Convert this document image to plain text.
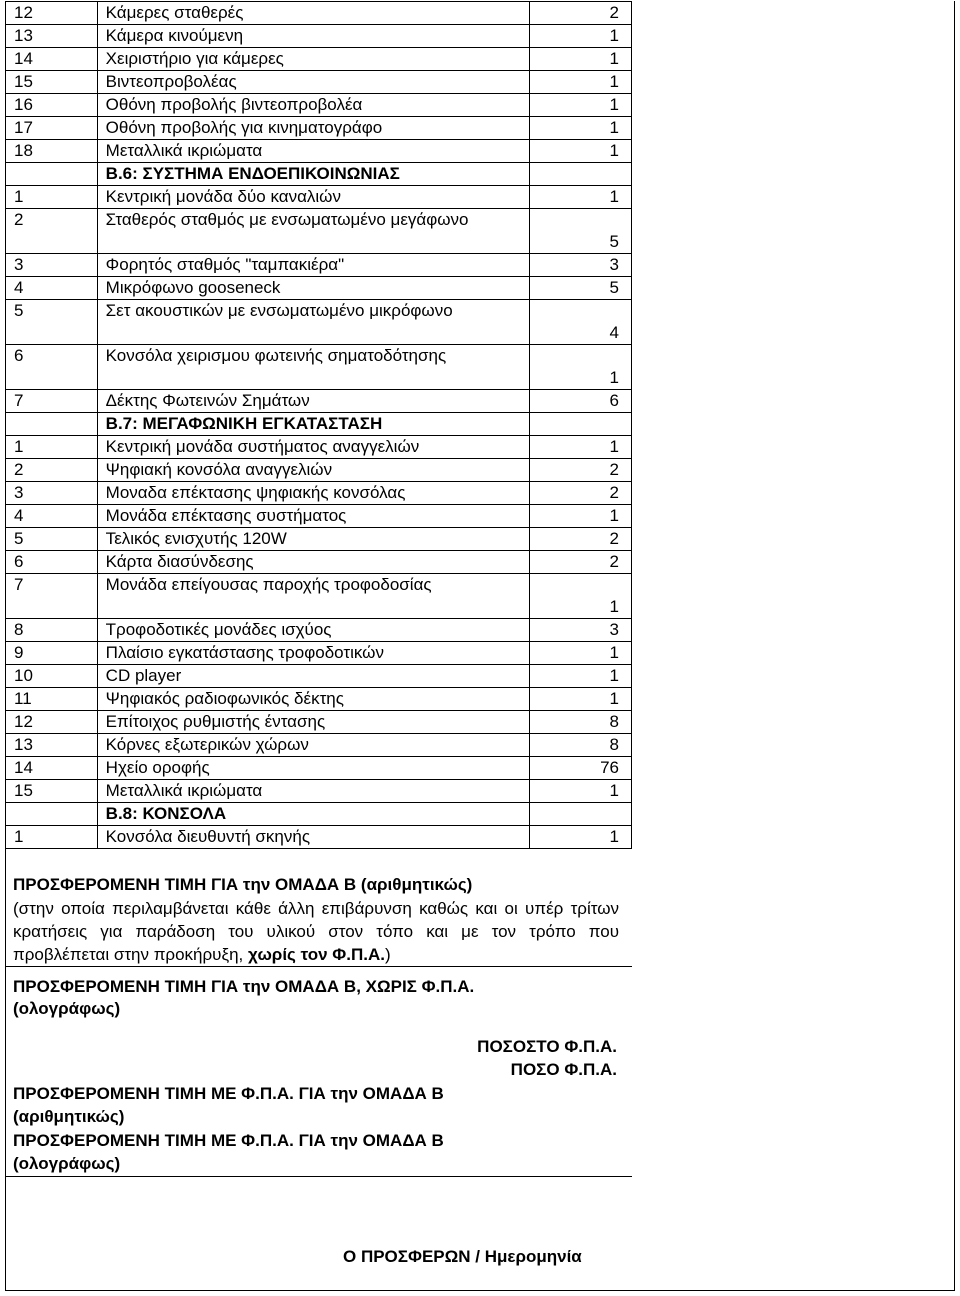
12	Κάμερες σταθερές	2
13	Κάμερα κινούμενη	1
14	Χειριστήριο για κάμερες	1
15	Βιντεοπροβολέας	1
16	Οθόνη προβολής βιντεοπροβολέα	1
17	Οθόνη προβολής για κινηματογράφο	1
18	Μεταλλικά ικριώματα	1
	Β.6: ΣΥΣΤΗΜΑ ΕΝΔΟΕΠΙΚΟΙΝΩΝΙΑΣ	
1	Κεντρική μονάδα δύο καναλιών	1
2	Σταθερός σταθμός με ενσωματωμένο μεγάφωνο	5
3	Φορητός σταθμός "ταμπακιέρα"	3
4	Μικρόφωνο gooseneck	5
5	Σετ ακουστικών με ενσωματωμένο μικρόφωνο	4
6	Κονσόλα χειρισμου φωτεινής σηματοδότησης	1
7	Δέκτης Φωτεινών Σημάτων	6
	Β.7: ΜΕΓΑΦΩΝΙΚΗ ΕΓΚΑΤΑΣΤΑΣΗ	
1	Κεντρική μονάδα συστήματος αναγγελιών	1
2	Ψηφιακή κονσόλα αναγγελιών	2
3	Μοναδα επέκτασης ψηφιακής κονσόλας	2
4	Μονάδα επέκτασης συστήματος	1
5	Τελικός ενισχυτής 120W	2
6	Κάρτα διασύνδεσης	2
7	Μονάδα επείγουσας παροχής τροφοδοσίας	1
8	Τροφοδοτικές μονάδες ισχύος	3
9	Πλαίσιο εγκατάστασης τροφοδοτικών	1
10	CD player	1
11	Ψηφιακός ραδιοφωνικός δέκτης	1
12	Επίτοιχος ρυθμιστής έντασης	8
13	Κόρνες εξωτερικών χώρων	8
14	Ηχείο οροφής	76
15	Μεταλλικά ικριώματα	1
	Β.8: ΚΟΝΣΟΛΑ	
1	Κονσόλα διευθυντή σκηνής	1
ΠΡΟΣΦΕΡΟΜΕΝΗ ΤΙΜΗ ΓΙΑ την ΟΜΑΔΑ Β (αριθμητικώς)
(στην οποία περιλαμβάνεται κάθε άλλη επιβάρυνση καθώς και οι υπέρ τρίτων κρατήσεις για παράδοση του υλικού στον τόπο και με τον τρόπο που προβλέπεται στην προκήρυξη, χωρίς τον Φ.Π.Α.)
ΠΡΟΣΦΕΡΟΜΕΝΗ ΤΙΜΗ ΓΙΑ την ΟΜΑΔΑ Β, ΧΩΡΙΣ Φ.Π.Α.
(ολογράφως)
ΠΟΣΟΣΤΟ Φ.Π.Α.
ΠΟΣΟ Φ.Π.Α.
ΠΡΟΣΦΕΡΟΜΕΝΗ ΤΙΜΗ ΜΕ Φ.Π.Α. ΓΙΑ την ΟΜΑΔΑ Β
(αριθμητικώς)
ΠΡΟΣΦΕΡΟΜΕΝΗ ΤΙΜΗ ΜΕ Φ.Π.Α. ΓΙΑ την ΟΜΑΔΑ Β
(ολογράφως)
Ο ΠΡΟΣΦΕΡΩΝ / Ημερομηνία
